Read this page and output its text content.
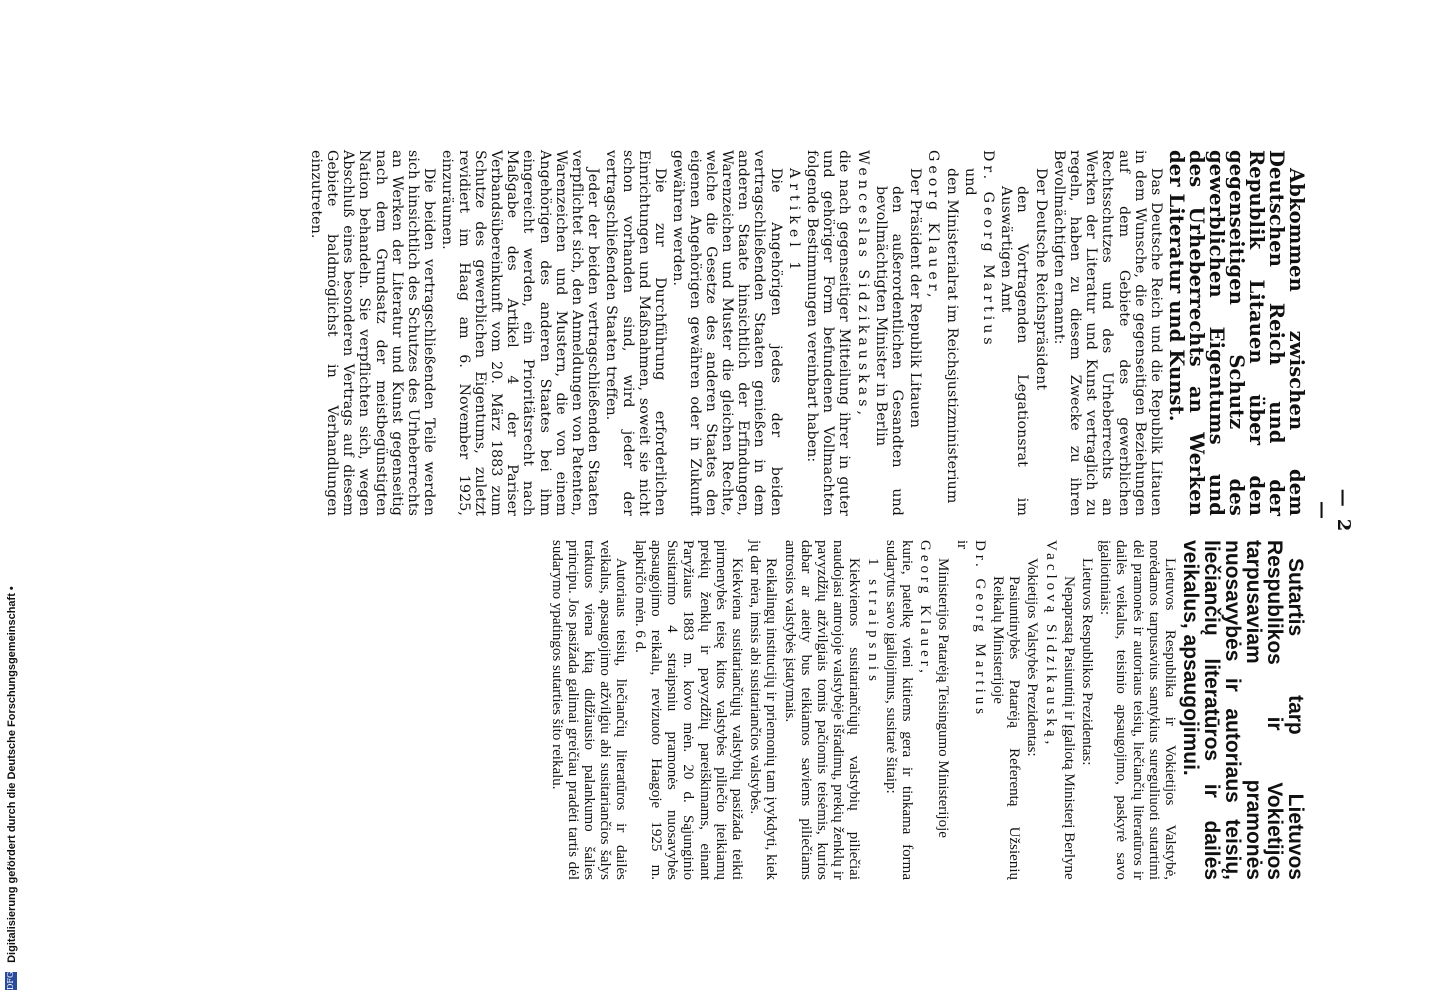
—2—

Abkommen zwischen dem Deutschen Reich und der Republik Litauen über den gegenseitigen Schutz des gewerblichen Eigentums und des Urheberrechts an Werken der Literatur und Kunst.

Das Deutsche Reich und die Republik Litauen in dem Wunsche, die gegenseitigen Beziehungen auf dem Gebiete des gewerblichen Rechtsschutzes und des Urheberrechts an Werken der Literatur und Kunst vertraglich zu regeln, haben zu diesem Zwecke zu ihren Bevollmächtigten ernannt:

Der Deutsche Reichspräsident

den Vortragenden Legationsrat im Auswärtigen Amt

Dr. Georg Martius

und

den Ministerialrat im Reichsjustizministerium

Georg Klauer,

Der Präsident der Republik Litauen

den außerordentlichen Gesandten und bevollmächtigten Minister in Berlin

Wenceslas Sidzikauskas,

die nach gegenseitiger Mitteilung ihrer in guter und gehöriger Form befundenen Vollmachten folgende Bestimmungen vereinbart haben:

Artikel 1

Die Angehörigen jedes der beiden vertragschließenden Staaten genießen in dem anderen Staate hinsichtlich der Erfindungen, Warenzeichen und Muster die gleichen Rechte, welche die Gesetze des anderen Staates den eigenen Angehörigen gewähren oder in Zukunft gewähren werden.

Die zur Durchführung erforderlichen Einrichtungen und Maßnahmen, soweit sie nicht schon vorhanden sind, wird jeder der vertragschließenden Staaten treffen.

Jeder der beiden vertragschließenden Staaten verpflichtet sich, den Anmeldungen von Patenten, Warenzeichen und Mustern, die von einem Angehörigen des anderen Staates bei ihm eingereicht werden, ein Prioritätsrecht nach Maßgabe des Artikel 4 der Pariser Verbandsübereinkunft vom 20. März 1883 zum Schutze des gewerblichen Eigentums, zuletzt revidiert im Haag am 6. November 1925, einzuräumen.

Die beiden vertragschließenden Teile werden sich hinsichtlich des Schutzes des Urheberrechts an Werken der Literatur und Kunst gegenseitig nach dem Grundsatz der meistbegünstigten Nation behandeln. Sie verpflichten sich, wegen Abschluß eines besonderen Vertrags auf diesem Gebiete baldmöglichst in Verhandlungen einzutreten.

Sutartis tarp Lietuvos Respublikos ir Vokietijos tarpusaviam pramonės nuosavybės ir autoriaus teisių, liečiančių literatūros ir dailės veikalus, apsaugojimui.

Lietuvos Respublika ir Vokietijos Valstybė, norėdamos tarpusavius santykius sureguliuoti sutartimi dėl pramonės ir autoriaus teisių, liečiančių literatūros ir dailės veikalus, teisinio apsaugojimo, paskyrė savo įgaliotiniais:

Lietuvos Respublikos Prezidentas:

Nepaprastą Pasiuntinį ir Įgaliotą Ministerį Berlyne

Vaclovą Sidzikauską,

Vokietijos Valstybės Prezidentas:

Pasiuntinybės Patarėją Referentą Užsienių Reikalų Ministerijoje

Dr. Georg Martius

ir

Ministerijos Patarėją Teisingumo Ministerijoje

Georg Klauer,

kurie, patelkę vieni kitiems gera ir tinkama forma sudarytus savo įgaliojimus, susitarė šitaip:

1 straipsnis

Kiekvienos susitariančiųjų valstybių piliečiai naudojasi antrojoje valstybėje išradimų, prekių ženklų ir pavyzdžių atžvilgiais tomis pačiomis teisėmis, kurios dabar ar ateity bus teikiamos saviems piliečiams antrosios valstybės įstatymais.

Reikalingų institucijų ir priemonių tam įvykdyti, kiek jų dar nėra, imsis abi susitariančios valstybės.

Kiekviena susitariančiųjų valstybių pasižada teikti pirmenybės teisę kitos valstybės piliečio įteikiamų prekių ženklų ir pavyzdžių pareiškimams, einant Paryžiaus 1883 m. kovo mėn. 20 d. Sąjunginio Susitarimo 4 straipsniu pramonės nuosavybės apsaugojimo reikalu, revizuoto Haagoje 1925 m. lapkričio mėn. 6 d.

Autoriaus teisių, liečiančių literatūros ir dailės veikalus, apsaugojimo atžvilgiu abi susitariančios šalys traktuos viena kitą didžiausio palankumo šalies principu. Jos pasižada galimai greičiau pradėti tartis dėl sudarymo ypatingos sutarties šito reikalu.

DFG Digitalisierung gefördert durch die Deutsche Forschungsgemeinschaft •
